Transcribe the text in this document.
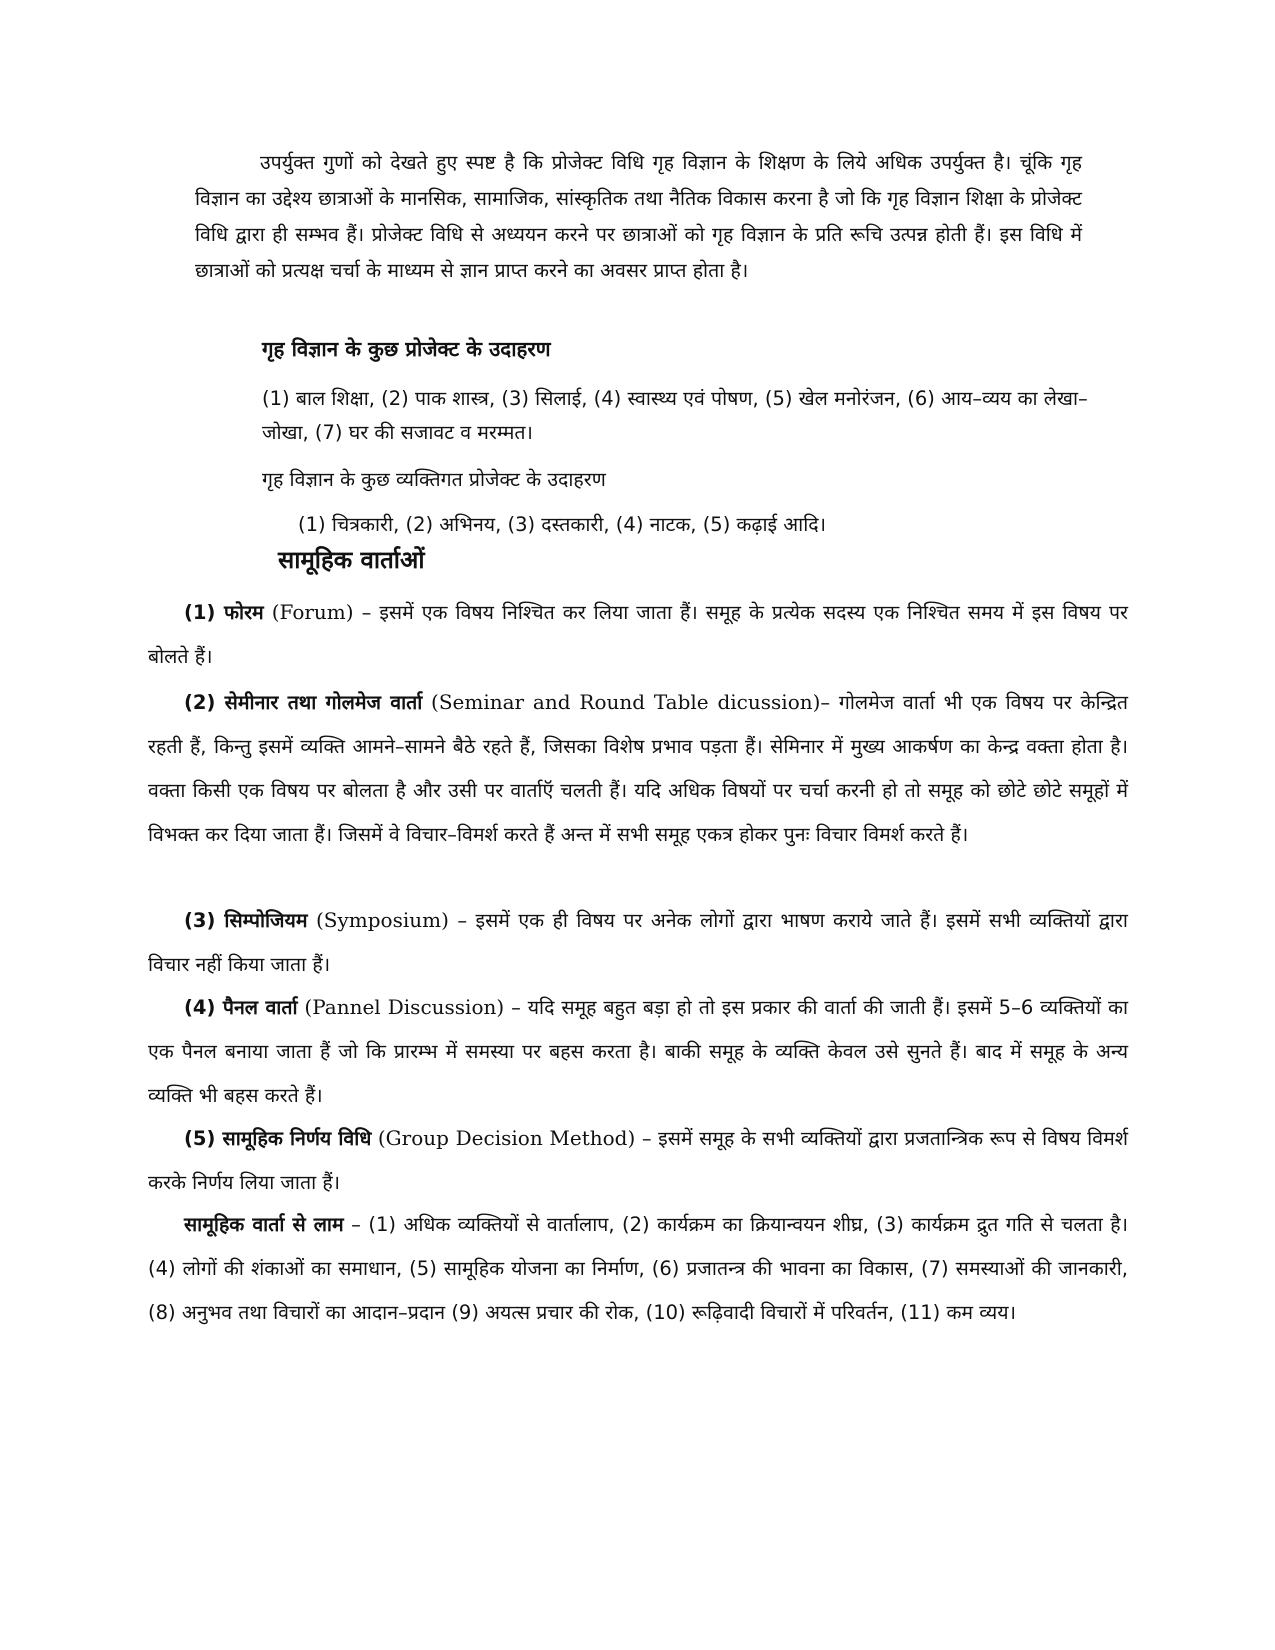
उपर्युक्त गुणों को देखते हुए स्पष्ट है कि प्रोजेक्ट विधि गृह विज्ञान के शिक्षण के लिये अधिक उपर्युक्त है। चूंकि गृह विज्ञान का उद्देश्य छात्राओं के मानसिक, सामाजिक, सांस्कृतिक तथा नैतिक विकास करना है जो कि गृह विज्ञान शिक्षा के प्रोजेक्ट विधि द्वारा ही सम्भव हैं। प्रोजेक्ट विधि से अध्ययन करने पर छात्राओं को गृह विज्ञान के प्रति रूचि उत्पन्न होती हैं। इस विधि में छात्राओं को प्रत्यक्ष चर्चा के माध्यम से ज्ञान प्राप्त करने का अवसर प्राप्त होता है।

गृह विज्ञान के कुछ प्रोजेक्ट के उदाहरण
(1) बाल शिक्षा, (2) पाक शास्त्र, (3) सिलाई, (4) स्वास्थ्य एवं पोषण, (5) खेल मनोरंजन, (6) आय–व्यय का लेखा–जोखा, (7) घर की सजावट व मरम्मत।
गृह विज्ञान के कुछ व्यक्तिगत प्रोजेक्ट के उदाहरण
(1) चित्रकारी, (2) अभिनय, (3) दस्तकारी, (4) नाटक, (5) कढ़ाई आदि।
सामूहिक वार्ताओं

(1) फोरम (Forum) – इसमें एक विषय निश्चित कर लिया जाता हैं। समूह के प्रत्येक सदस्य एक निश्चित समय में इस विषय पर बोलते हैं।

(2) सेमीनार तथा गोलमेज वार्ता (Seminar and Round Table dicussion)– गोलमेज वार्ता भी एक विषय पर केन्द्रित रहती हैं, किन्तु इसमें व्यक्ति आमने–सामने बैठे रहते हैं, जिसका विशेष प्रभाव पड़ता हैं। सेमिनार में मुख्य आकर्षण का केन्द्र वक्ता होता है। वक्ता किसी एक विषय पर बोलता है और उसी पर वार्ताऍ चलती हैं। यदि अधिक विषयों पर चर्चा करनी हो तो समूह को छोटे छोटे समूहों में विभक्त कर दिया जाता हैं। जिसमें वे विचार–विमर्श करते हैं अन्त में सभी समूह एकत्र होकर पुनः विचार विमर्श करते हैं।

(3) सिम्पोजियम (Symposium) – इसमें एक ही विषय पर अनेक लोगों द्वारा भाषण कराये जाते हैं। इसमें सभी व्यक्तियों द्वारा विचार नहीं किया जाता हैं।

(4) पैनल वार्ता (Pannel Discussion) – यदि समूह बहुत बड़ा हो तो इस प्रकार की वार्ता की जाती हैं। इसमें 5–6 व्यक्तियों का एक पैनल बनाया जाता हैं जो कि प्रारम्भ में समस्या पर बहस करता है। बाकी समूह के व्यक्ति केवल उसे सुनते हैं। बाद में समूह के अन्य व्यक्ति भी बहस करते हैं।

(5) सामूहिक निर्णय विधि (Group Decision Method) – इसमें समूह के सभी व्यक्तियों द्वारा प्रजतान्त्रिक रूप से विषय विमर्श करके निर्णय लिया जाता हैं।

सामूहिक वार्ता से लाम – (1) अधिक व्यक्तियों से वार्तालाप, (2) कार्यक्रम का क्रियान्वयन शीघ्र, (3) कार्यक्रम द्रुत गति से चलता है। (4) लोगों की शंकाओं का समाधान, (5) सामूहिक योजना का निर्माण, (6) प्रजातन्त्र की भावना का विकास, (7) समस्याओं की जानकारी, (8) अनुभव तथा विचारों का आदान–प्रदान (9) अयत्स प्रचार की रोक, (10) रूढ़िवादी विचारों में परिवर्तन, (11) कम व्यय।
